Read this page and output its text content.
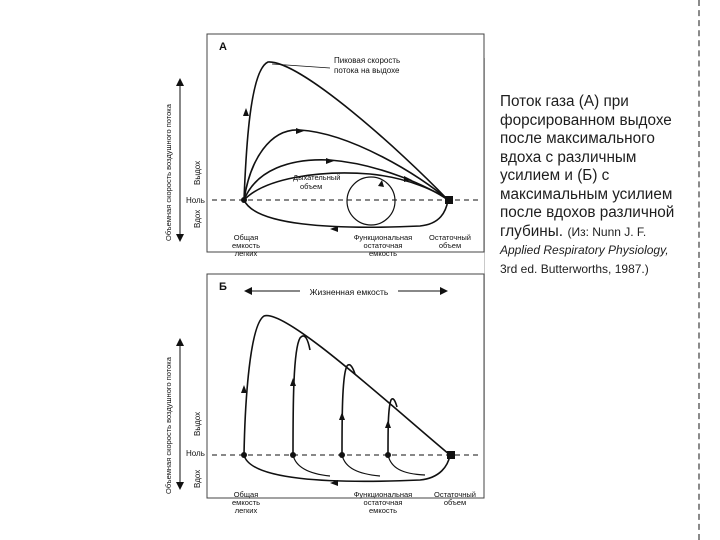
А
Объемная скорость воздушного потока	Выдох
Вдох
Ноль
Пиковая скорость
потока на выдохе
Дыхательный
объем
Общая
емкость
легких
Функциональная
остаточная
емкость
Остаточный
объем
Б	Жизненная емкость
Объемная скорость воздушного потока	Выдох
Вдох
Ноль
Общая
емкость
легких
Функциональная
остаточная
емкость
Остаточный
объем
Поток газа (А) при форсированном выдохе после максимального вдоха с различным усилием и (Б) с максимальным усилием после вдохов различной глубины. (Из: Nunn J. F. Applied Respiratory Physiology, 3rd ed. Butterworths, 1987.)
